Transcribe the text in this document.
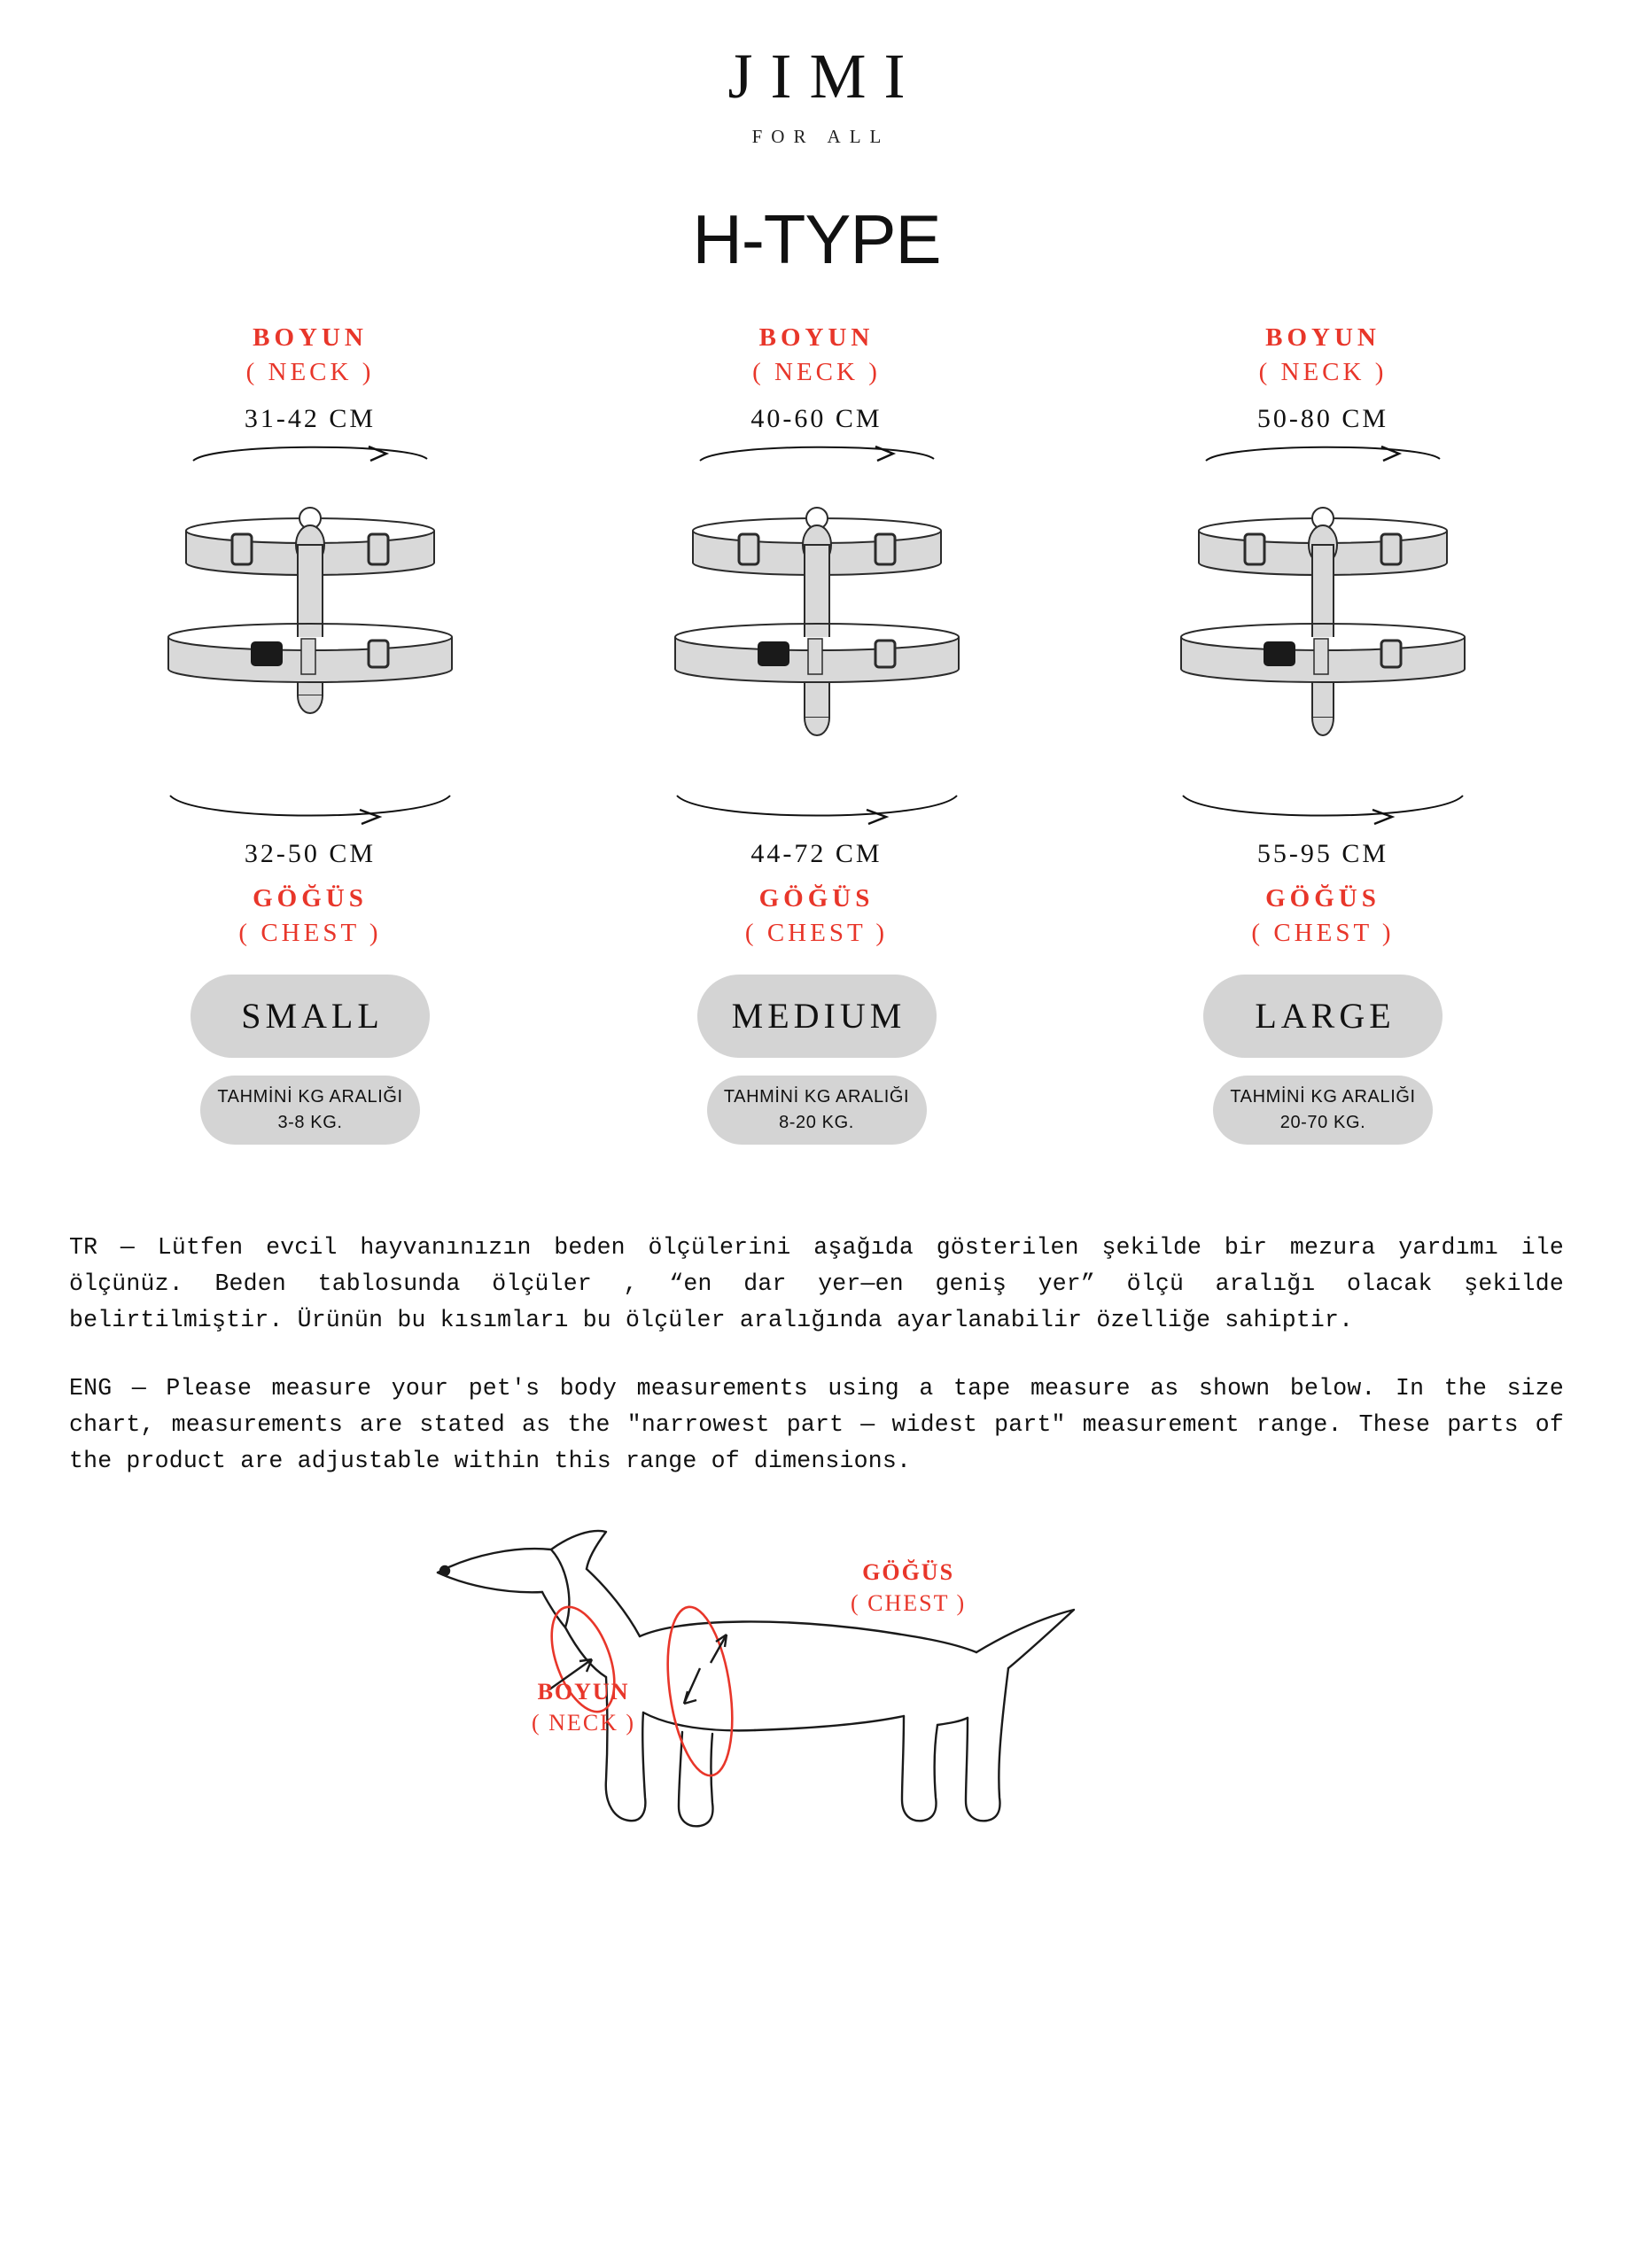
JIMI
FOR ALL
H-TYPE
BOYUN
( NECK )
31-42 CM
32-50 CM
GÖĞÜS
( CHEST )
SMALL
TAHMİNİ KG ARALIĞI
3-8 KG.
BOYUN
( NECK )
40-60 CM
44-72 CM
GÖĞÜS
( CHEST )
MEDIUM
TAHMİNİ KG ARALIĞI
8-20 KG.
BOYUN
( NECK )
50-80 CM
55-95 CM
GÖĞÜS
( CHEST )
LARGE
TAHMİNİ KG ARALIĞI
20-70 KG.

TR — Lütfen evcil hayvanınızın beden ölçülerini aşağıda gösterilen şekilde bir mezura yardımı ile ölçünüz. Beden tablosunda ölçüler , “en dar yer—en geniş yer” ölçü aralığı olacak şekilde belirtilmiştir. Ürünün bu kısımları bu ölçüler aralığında ayarlanabilir özelliğe sahiptir.

ENG — Please measure your pet's body measurements using a tape measure as shown below. In the size chart, measurements are stated as the "narrowest part — widest part" measurement range. These parts of the product are adjustable within this range of dimensions.

GÖĞÜS
( CHEST )
BOYUN
( NECK )
